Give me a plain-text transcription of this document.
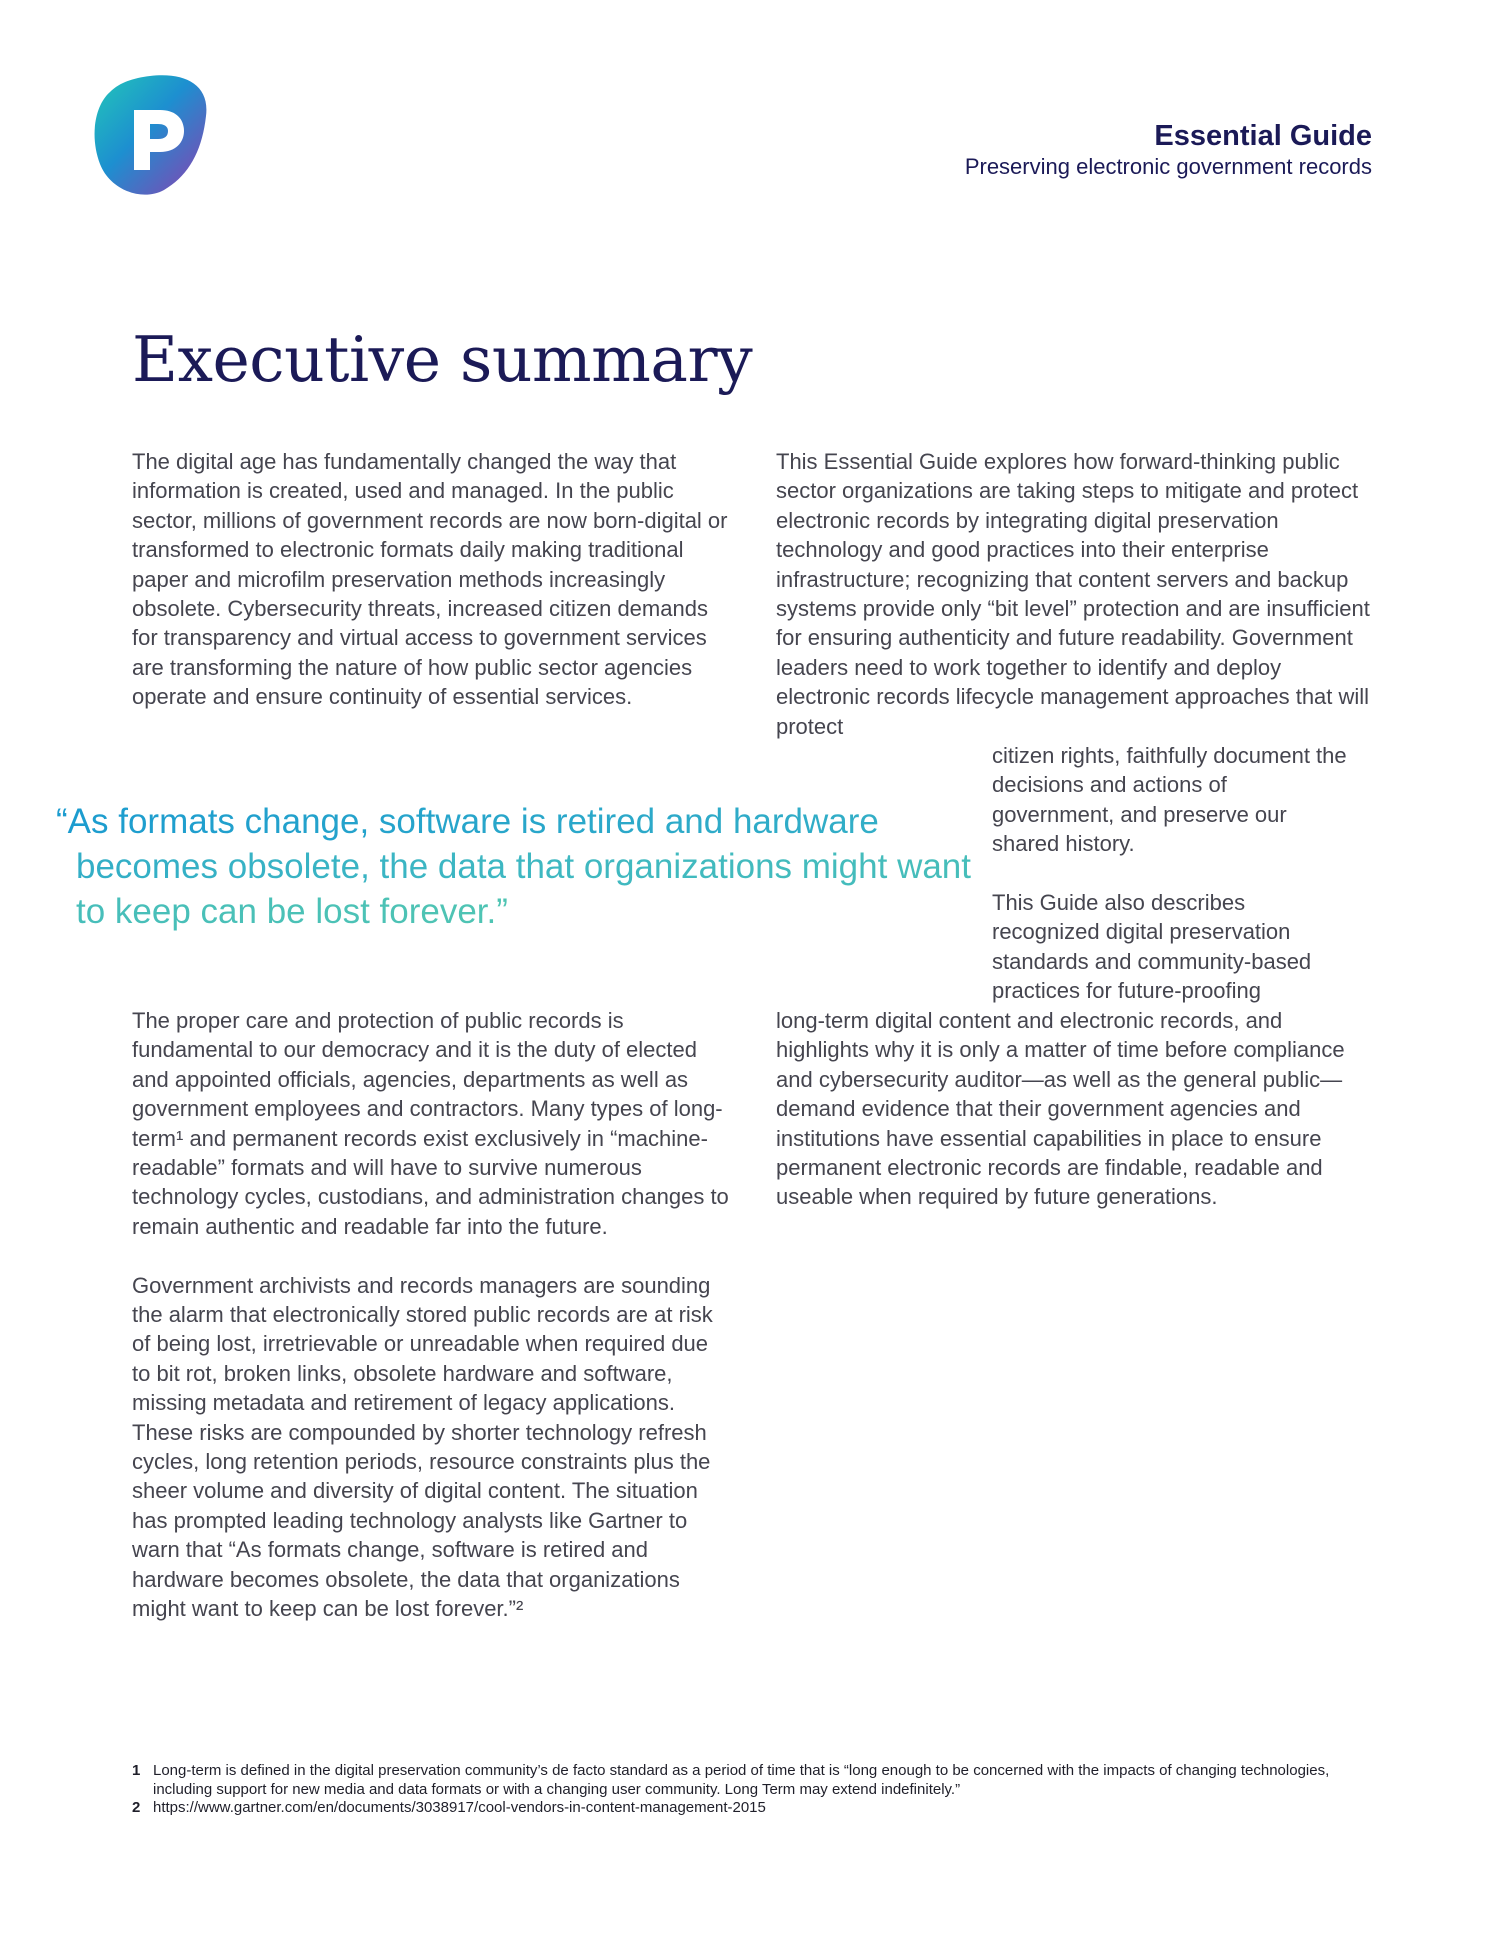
Essential Guide
Preserving electronic government records
Executive summary

The digital age has fundamentally changed the way that information is created, used and managed. In the public sector, millions of government records are now born-digital or transformed to electronic formats daily making traditional paper and microfilm preservation methods increasingly obsolete. Cybersecurity threats, increased citizen demands for transparency and virtual access to government services are transforming the nature of how public sector agencies operate and ensure continuity of essential services.

“As formats change, software is retired and hardware becomes obsolete, the data that organizations might want to keep can be lost forever.”

The proper care and protection of public records is fundamental to our democracy and it is the duty of elected and appointed officials, agencies, departments as well as government employees and contractors. Many types of long-term¹ and permanent records exist exclusively in “machine-readable” formats and will have to survive numerous technology cycles, custodians, and administration changes to remain authentic and readable far into the future.

Government archivists and records managers are sounding the alarm that electronically stored public records are at risk of being lost, irretrievable or unreadable when required due to bit rot, broken links, obsolete hardware and software, missing metadata and retirement of legacy applications. These risks are compounded by shorter technology refresh cycles, long retention periods, resource constraints plus the sheer volume and diversity of digital content. The situation has prompted leading technology analysts like Gartner to warn that “As formats change, software is retired and hardware becomes obsolete, the data that organizations might want to keep can be lost forever.”²

This Essential Guide explores how forward-thinking public sector organizations are taking steps to mitigate and protect electronic records by integrating digital preservation technology and good practices into their enterprise infrastructure; recognizing that content servers and backup systems provide only “bit level” protection and are insufficient for ensuring authenticity and future readability. Government leaders need to work together to identify and deploy electronic records lifecycle management approaches that will protect

citizen rights, faithfully document the decisions and actions of government, and preserve our shared history.

This Guide also describes recognized digital preservation standards and community-based practices for future-proofing

long-term digital content and electronic records, and highlights why it is only a matter of time before compliance and cybersecurity auditor—as well as the general public—demand evidence that their government agencies and institutions have essential capabilities in place to ensure permanent electronic records are findable, readable and useable when required by future generations.

1 Long-term is defined in the digital preservation community’s de facto standard as a period of time that is “long enough to be concerned with the impacts of changing technologies, including support for new media and data formats or with a changing user community. Long Term may extend indefinitely.”
2 https://www.gartner.com/en/documents/3038917/cool-vendors-in-content-management-2015
